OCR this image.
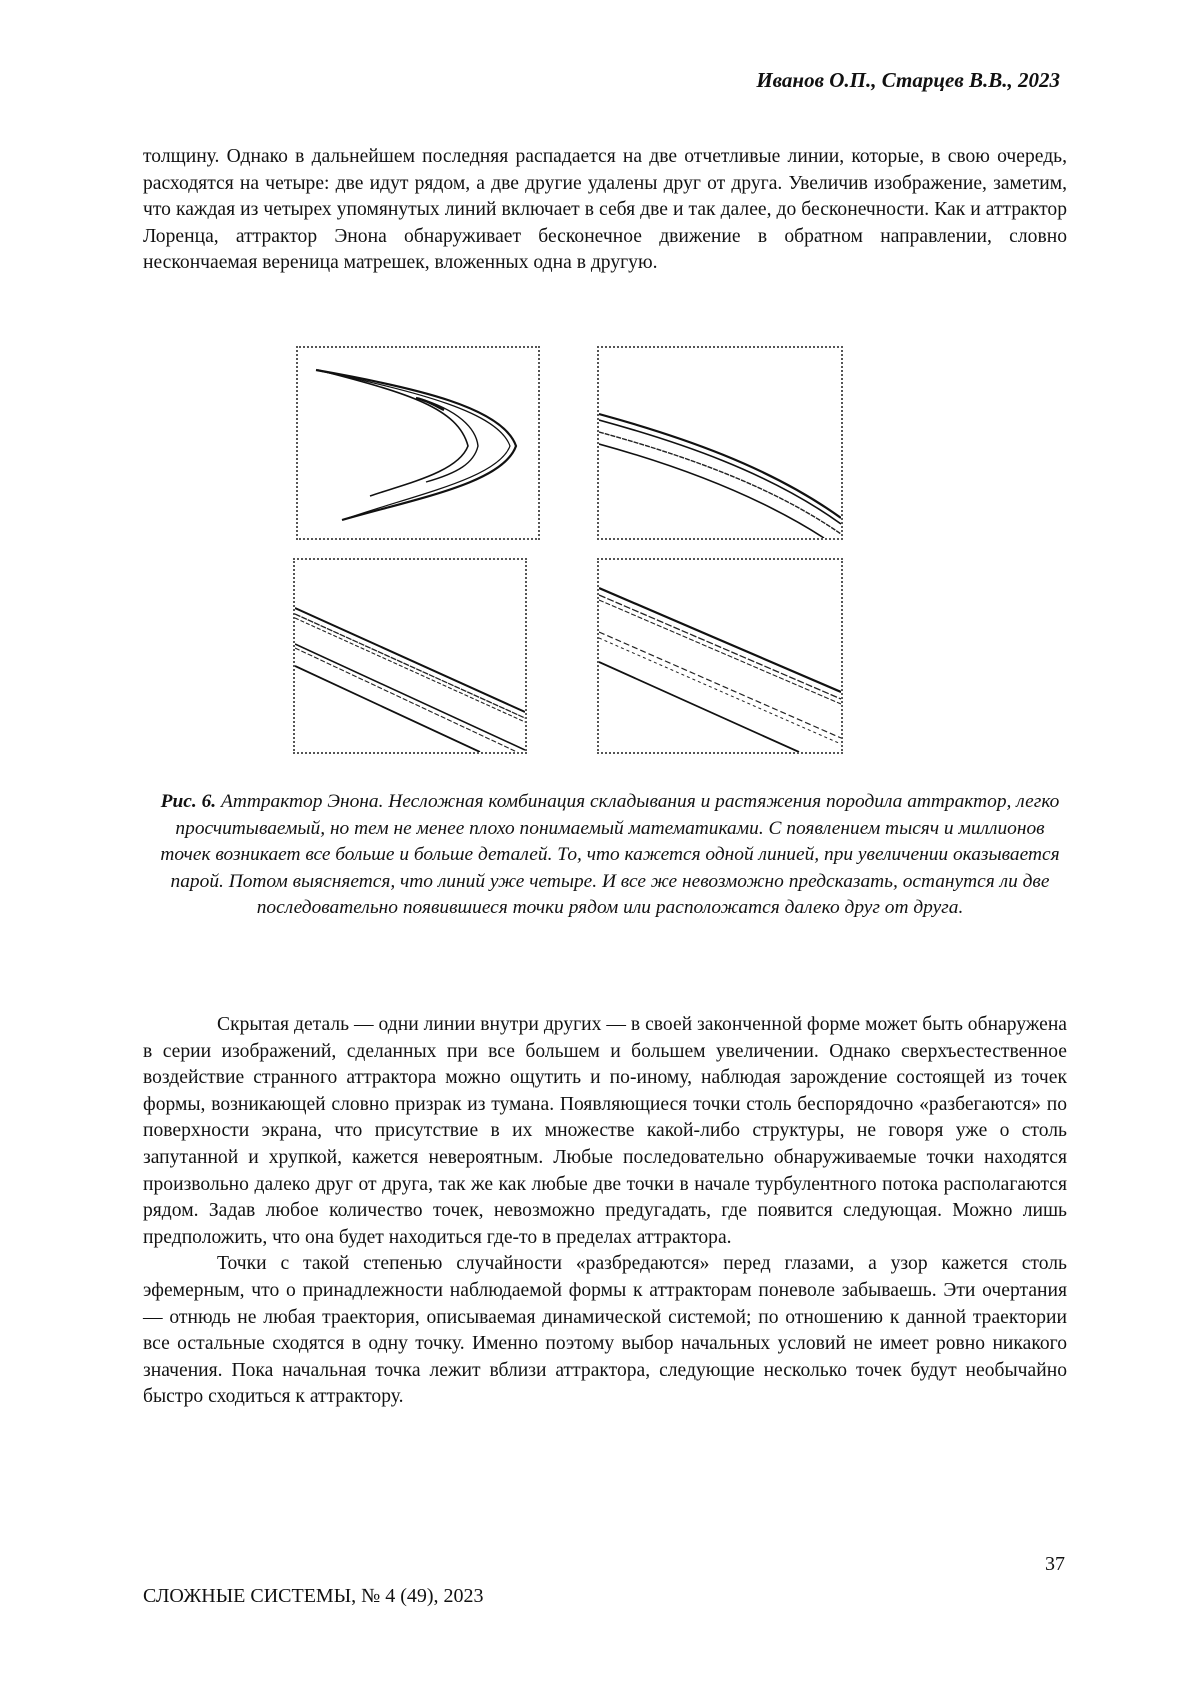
Иванов О.П., Старцев В.В., 2023

толщину. Однако в дальнейшем последняя распадается на две отчетливые линии, которые, в свою очередь, расходятся на четыре: две идут рядом, а две другие удалены друг от друга. Увеличив изображение, заметим, что каждая из четырех упомянутых линий включает в себя две и так далее, до бесконечности. Как и аттрактор Лоренца, аттрактор Энона обнаруживает бесконечное движение в обратном направлении, словно нескончаемая вереница матрешек, вложенных одна в другую.

Рис. 6. Аттрактор Энона. Несложная комбинация складывания и растяжения породила аттрактор, легко просчитываемый, но тем не менее плохо понимаемый математиками. С появлением тысяч и миллионов точек возникает все больше и больше деталей. То, что кажется одной линией, при увеличении оказывается парой. Потом выясняется, что линий уже четыре. И все же невозможно предсказать, останутся ли две последовательно появившиеся точки рядом или расположатся далеко друг от друга.

Скрытая деталь — одни линии внутри других — в своей законченной форме может быть обнаружена в серии изображений, сделанных при все большем и большем увеличении. Однако сверхъестественное воздействие странного аттрактора можно ощутить и по-иному, наблюдая зарождение состоящей из точек формы, возникающей словно призрак из тумана. Появляющиеся точки столь беспорядочно «разбегаются» по поверхности экрана, что присутствие в их множестве какой-либо структуры, не говоря уже о столь запутанной и хрупкой, кажется невероятным. Любые последовательно обнаруживаемые точки находятся произвольно далеко друг от друга, так же как любые две точки в начале турбулентного потока располагаются рядом. Задав любое количество точек, невозможно предугадать, где появится следующая. Можно лишь предположить, что она будет находиться где-то в пределах аттрактора.

Точки с такой степенью случайности «разбредаются» перед глазами, а узор кажется столь эфемерным, что о принадлежности наблюдаемой формы к аттракторам поневоле забываешь. Эти очертания — отнюдь не любая траектория, описываемая динамической системой; по отношению к данной траектории все остальные сходятся в одну точку. Именно поэтому выбор начальных условий не имеет ровно никакого значения. Пока начальная точка лежит вблизи аттрактора, следующие несколько точек будут необычайно быстро сходиться к аттрактору.

37
СЛОЖНЫЕ СИСТЕМЫ, № 4 (49), 2023
